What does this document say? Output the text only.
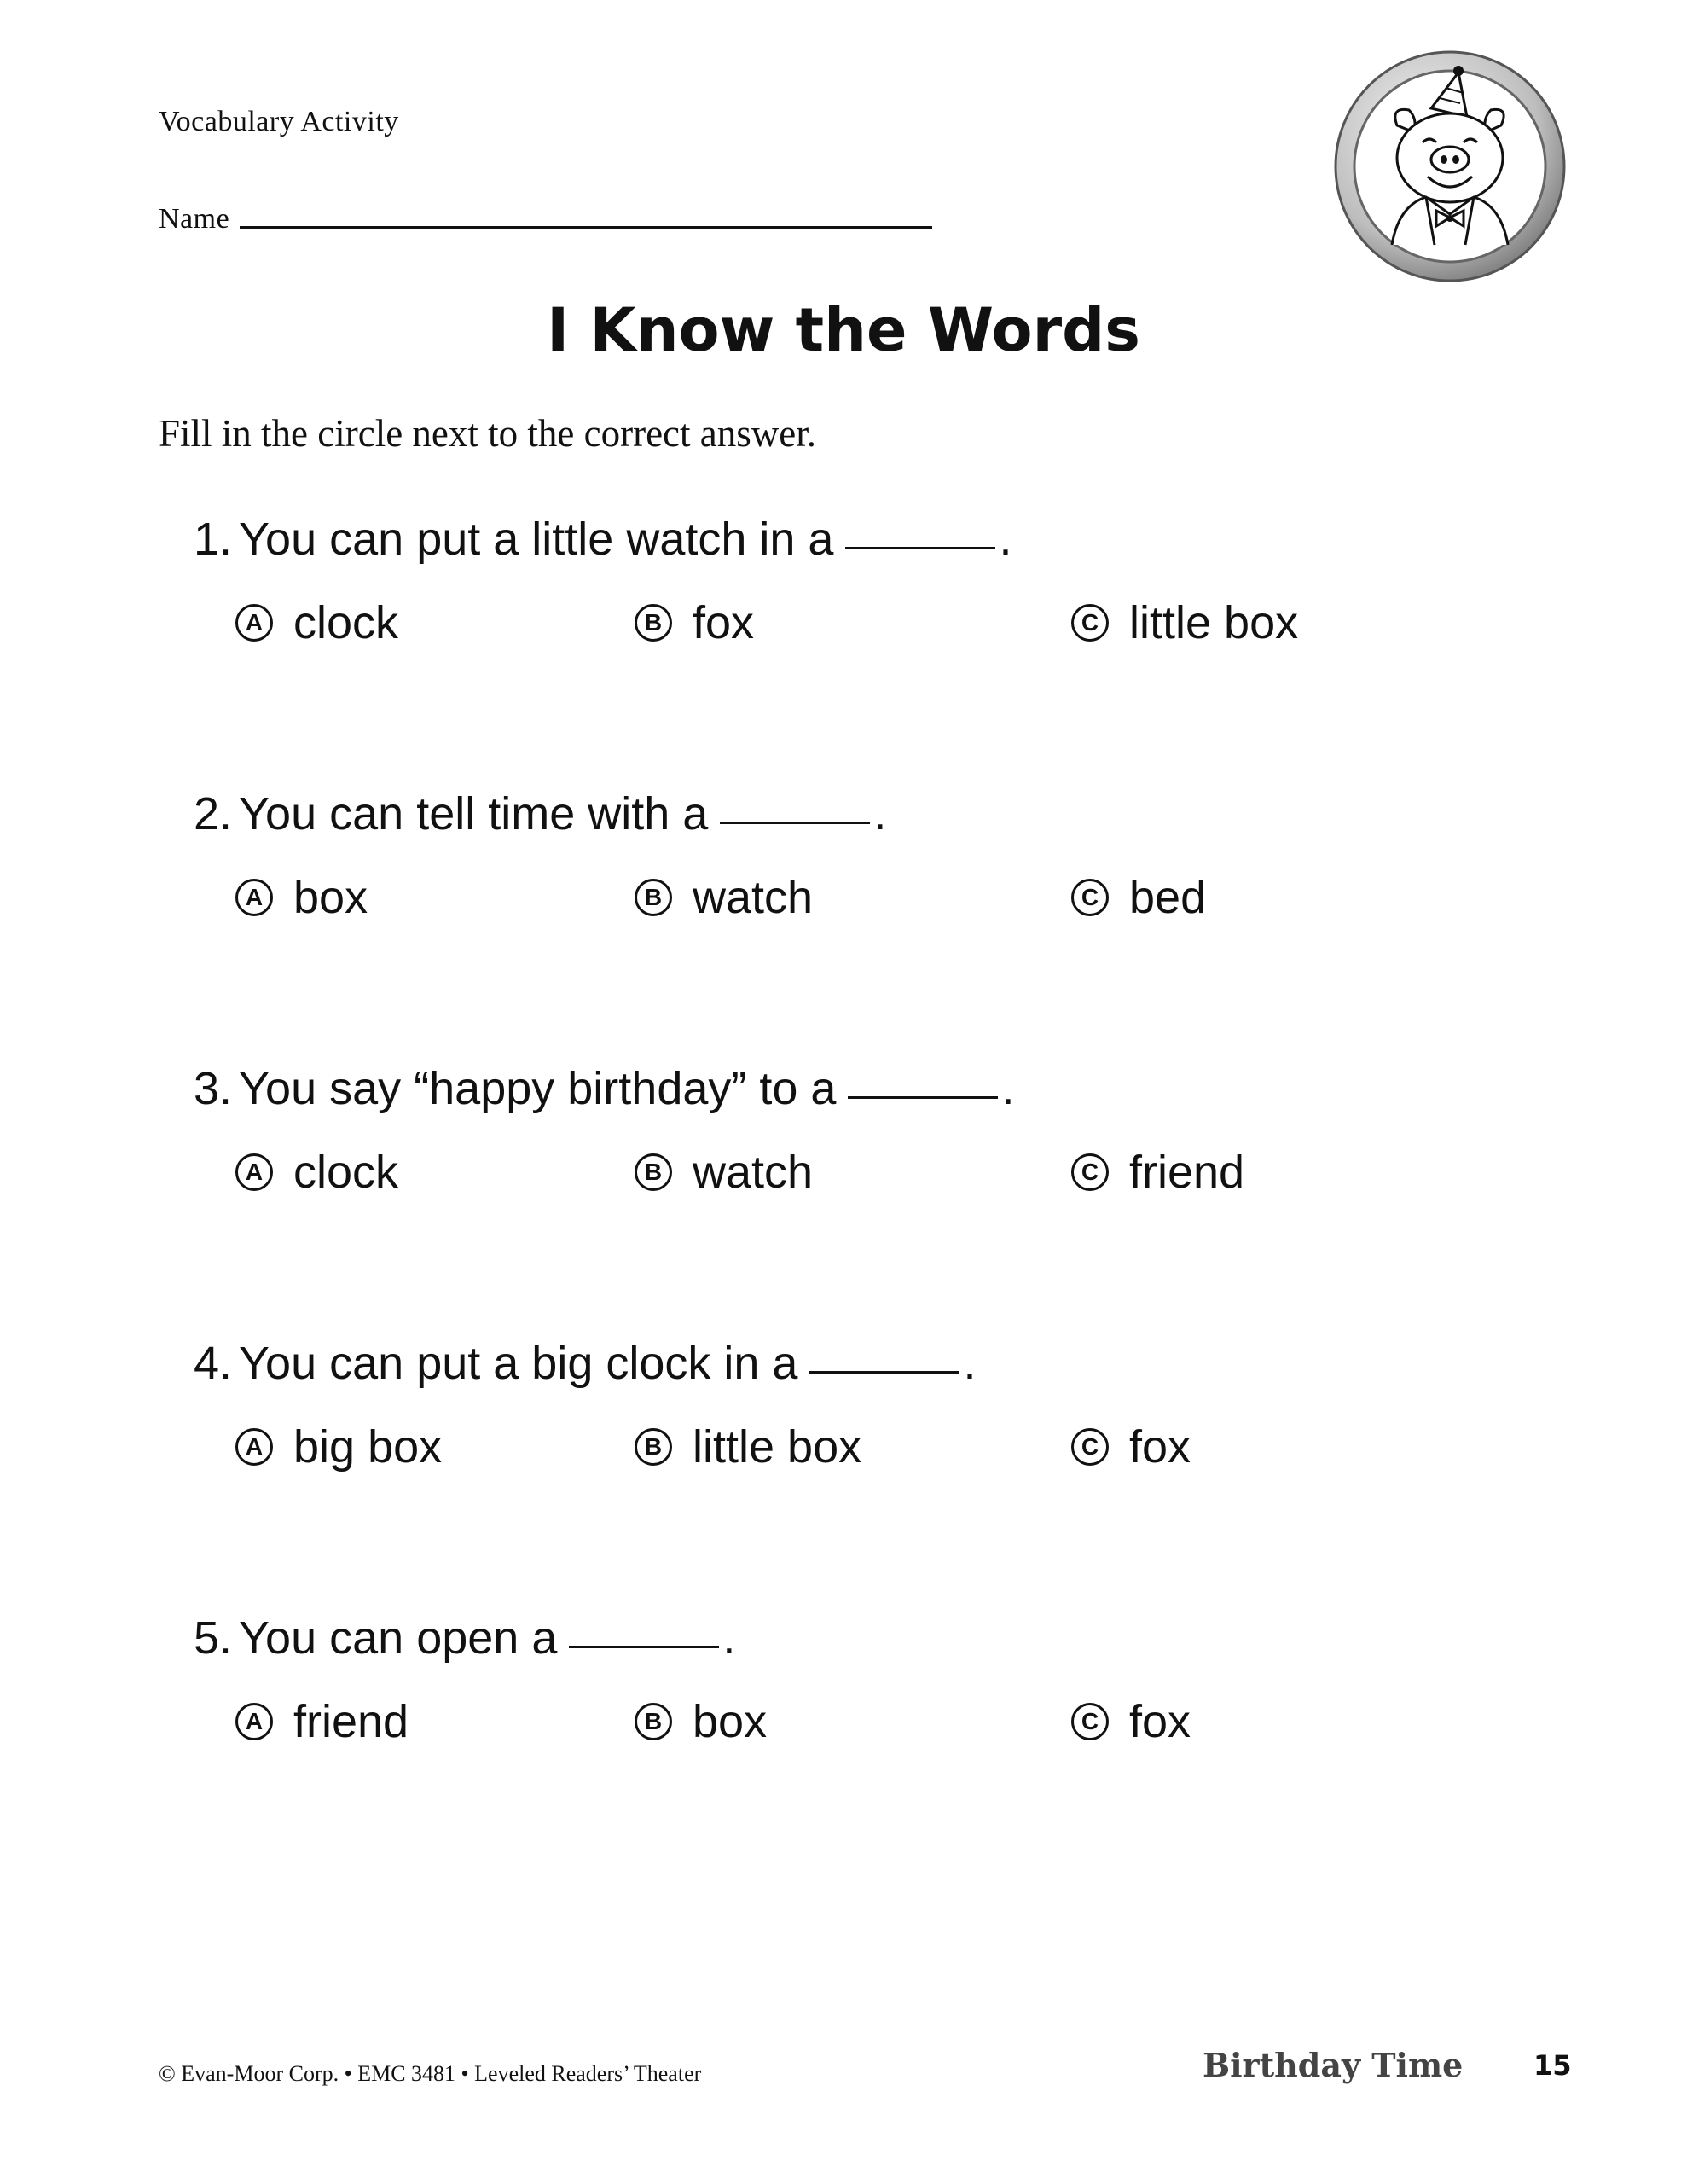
Vocabulary Activity
Name
I Know the Words
Fill in the circle next to the correct answer.
1. You can put a little watch in a	.
A clock	B fox	C little box
2. You can tell time with a	.
A box	B watch	C bed
3. You say “happy birthday” to a	.
A clock	B watch	C friend
4. You can put a big clock in a	.
A big box	B little box	C fox
5. You can open a	.
A friend	B box	C fox
© Evan-Moor Corp. • EMC 3481 • Leveled Readers’ Theater	Birthday Time	15
